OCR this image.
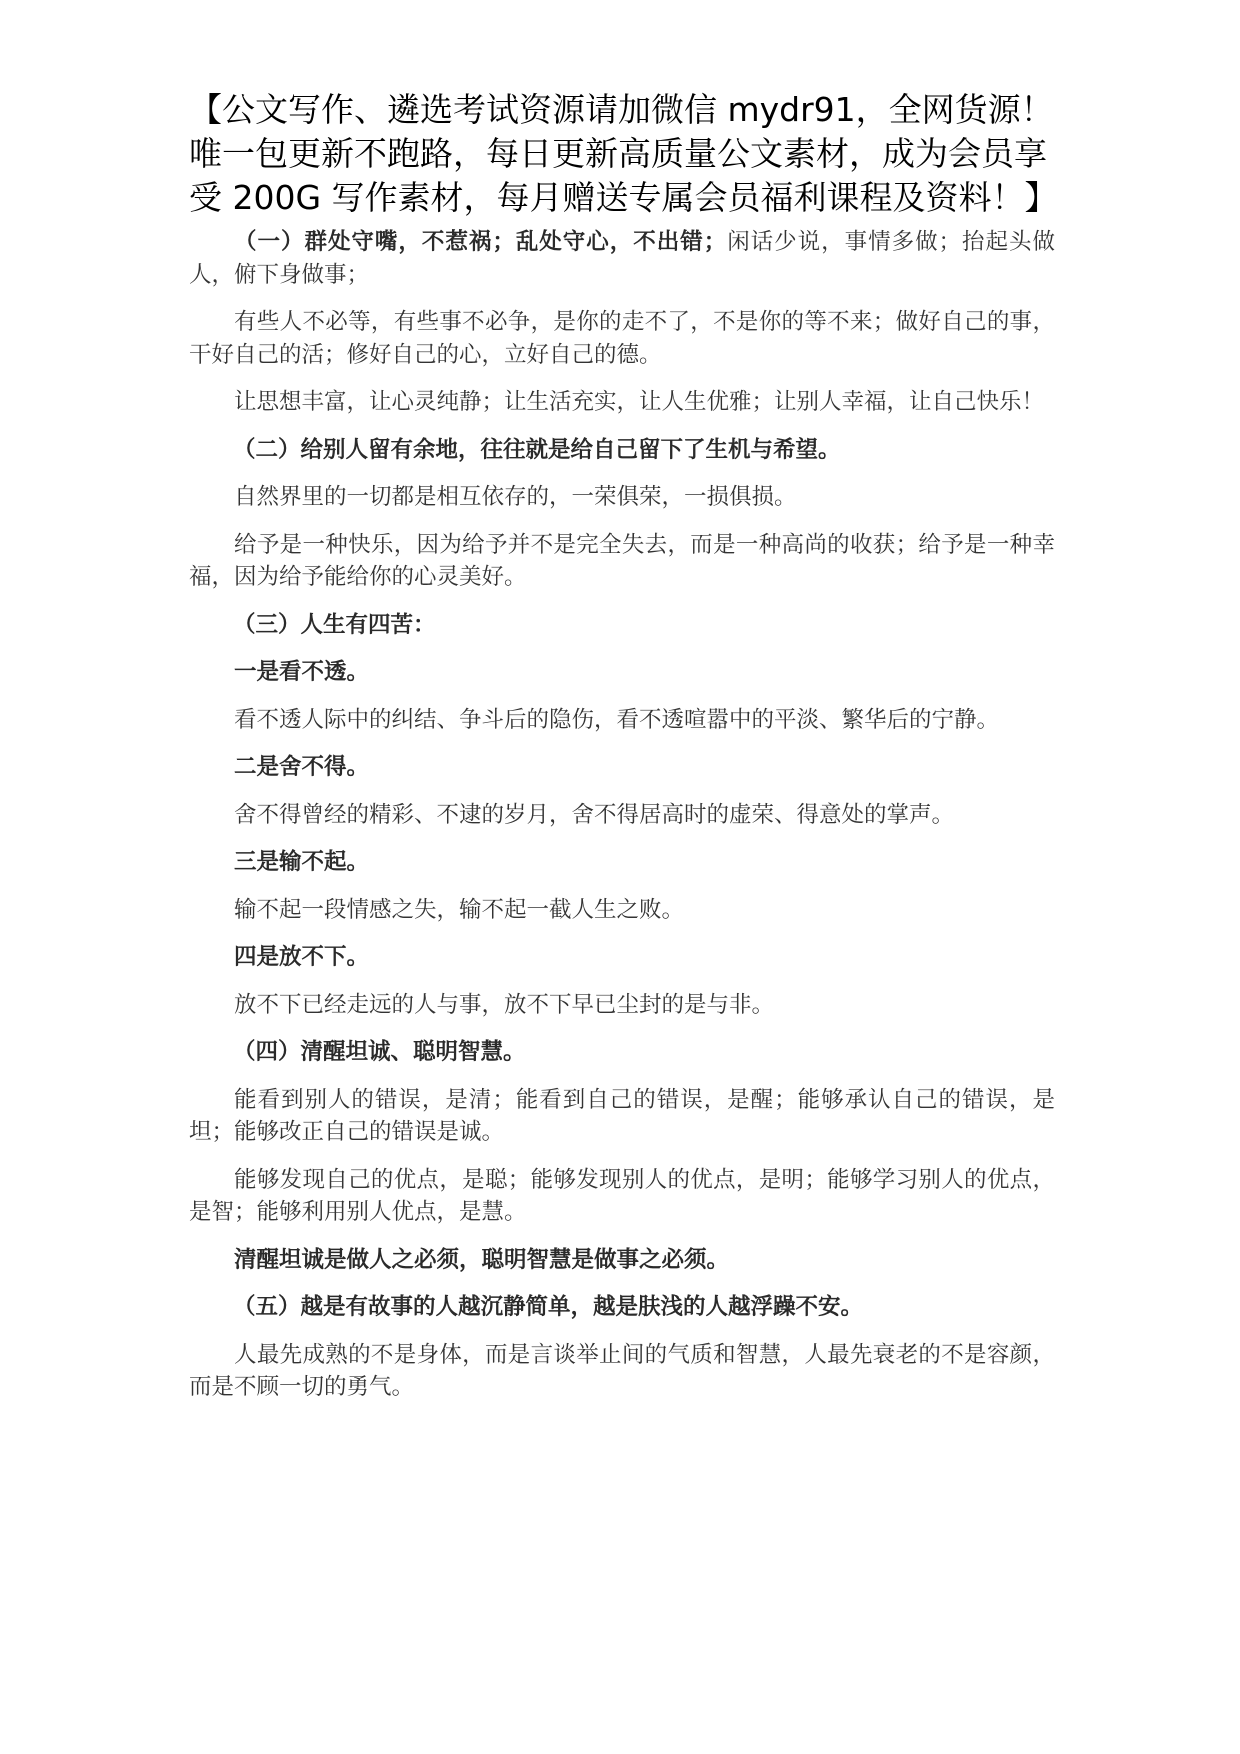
【公文写作、遴选考试资源请加微信 mydr91，全网货源！唯一包更新不跑路，每日更新高质量公文素材，成为会员享受 200G 写作素材，每月赠送专属会员福利课程及资料！】

（一）群处守嘴，不惹祸；乱处守心，不出错；闲话少说，事情多做；抬起头做人，俯下身做事；

有些人不必等，有些事不必争，是你的走不了，不是你的等不来；做好自己的事，干好自己的活；修好自己的心，立好自己的德。

让思想丰富，让心灵纯静；让生活充实，让人生优雅；让别人幸福，让自己快乐！

（二）给别人留有余地，往往就是给自己留下了生机与希望。

自然界里的一切都是相互依存的，一荣俱荣，一损俱损。

给予是一种快乐，因为给予并不是完全失去，而是一种高尚的收获；给予是一种幸福，因为给予能给你的心灵美好。

（三）人生有四苦：
一是看不透。

看不透人际中的纠结、争斗后的隐伤，看不透喧嚣中的平淡、繁华后的宁静。

二是舍不得。

舍不得曾经的精彩、不逮的岁月，舍不得居高时的虚荣、得意处的掌声。

三是输不起。

输不起一段情感之失，输不起一截人生之败。

四是放不下。

放不下已经走远的人与事，放不下早已尘封的是与非。

（四）清醒坦诚、聪明智慧。

能看到别人的错误，是清；能看到自己的错误，是醒；能够承认自己的错误，是坦；能够改正自己的错误是诚。

能够发现自己的优点，是聪；能够发现别人的优点，是明；能够学习别人的优点，是智；能够利用别人优点，是慧。

清醒坦诚是做人之必须，聪明智慧是做事之必须。
（五）越是有故事的人越沉静简单，越是肤浅的人越浮躁不安。

人最先成熟的不是身体，而是言谈举止间的气质和智慧，人最先衰老的不是容颜，而是不顾一切的勇气。
